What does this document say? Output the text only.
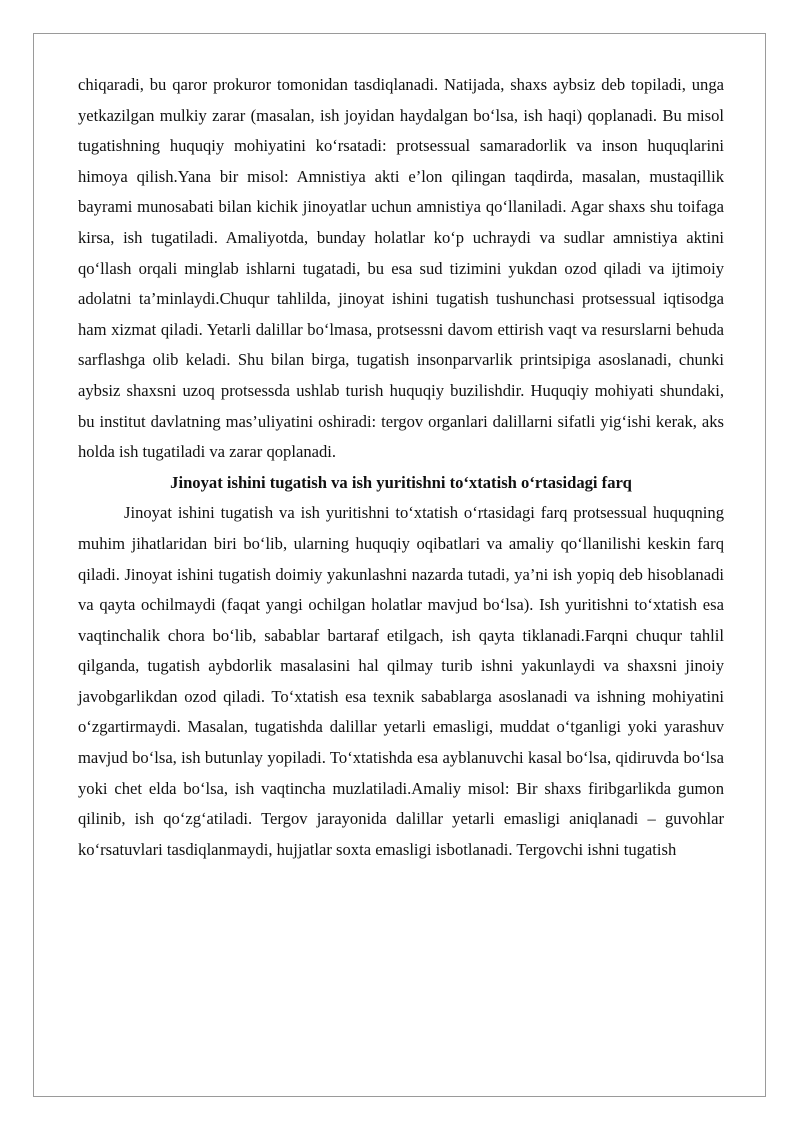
chiqaradi, bu qaror prokuror tomonidan tasdiqlanadi. Natijada, shaxs aybsiz deb topiladi, unga yetkazilgan mulkiy zarar (masalan, ish joyidan haydalgan bo‘lsa, ish haqi) qoplanadi. Bu misol tugatishning huquqiy mohiyatini ko‘rsatadi: protsessual samaradorlik va inson huquqlarini himoya qilish.Yana bir misol: Amnistiya akti e’lon qilingan taqdirda, masalan, mustaqillik bayrami munosabati bilan kichik jinoyatlar uchun amnistiya qo‘llaniladi. Agar shaxs shu toifaga kirsa, ish tugatiladi. Amaliyotda, bunday holatlar ko‘p uchraydi va sudlar amnistiya aktini qo‘llash orqali minglab ishlarni tugatadi, bu esa sud tizimini yukdan ozod qiladi va ijtimoiy adolatni ta’minlaydi.Chuqur tahlilda, jinoyat ishini tugatish tushunchasi protsessual iqtisodga ham xizmat qiladi. Yetarli dalillar bo‘lmasa, protsessni davom ettirish vaqt va resurslarni behuda sarflashga olib keladi. Shu bilan birga, tugatish insonparvarlik printsipiga asoslanadi, chunki aybsiz shaxsni uzoq protsessda ushlab turish huquqiy buzilishdir. Huquqiy mohiyati shundaki, bu institut davlatning mas’uliyatini oshiradi: tergov organlari dalillarni sifatli yig‘ishi kerak, aks holda ish tugatiladi va zarar qoplanadi.

Jinoyat ishini tugatish va ish yuritishni to‘xtatish o‘rtasidagi farq

Jinoyat ishini tugatish va ish yuritishni to‘xtatish o‘rtasidagi farq protsessual huquqning muhim jihatlaridan biri bo‘lib, ularning huquqiy oqibatlari va amaliy qo‘llanilishi keskin farq qiladi. Jinoyat ishini tugatish doimiy yakunlashni nazarda tutadi, ya’ni ish yopiq deb hisoblanadi va qayta ochilmaydi (faqat yangi ochilgan holatlar mavjud bo‘lsa). Ish yuritishni to‘xtatish esa vaqtinchalik chora bo‘lib, sabablar bartaraf etilgach, ish qayta tiklanadi.Farqni chuqur tahlil qilganda, tugatish aybdorlik masalasini hal qilmay turib ishni yakunlaydi va shaxsni jinoiy javobgarlikdan ozod qiladi. To‘xtatish esa texnik sabablarga asoslanadi va ishning mohiyatini o‘zgartirmaydi. Masalan, tugatishda dalillar yetarli emasligi, muddat o‘tganligi yoki yarashuv mavjud bo‘lsa, ish butunlay yopiladi. To‘xtatishda esa ayblanuvchi kasal bo‘lsa, qidiruvda bo‘lsa yoki chet elda bo‘lsa, ish vaqtincha muzlatiladi.Amaliy misol: Bir shaxs firibgarlikda gumon qilinib, ish qo‘zg‘atiladi. Tergov jarayonida dalillar yetarli emasligi aniqlanadi – guvohlar ko‘rsatuvlari tasdiqlanmaydi, hujjatlar soxta emasligi isbotlanadi. Tergovchi ishni tugatish
